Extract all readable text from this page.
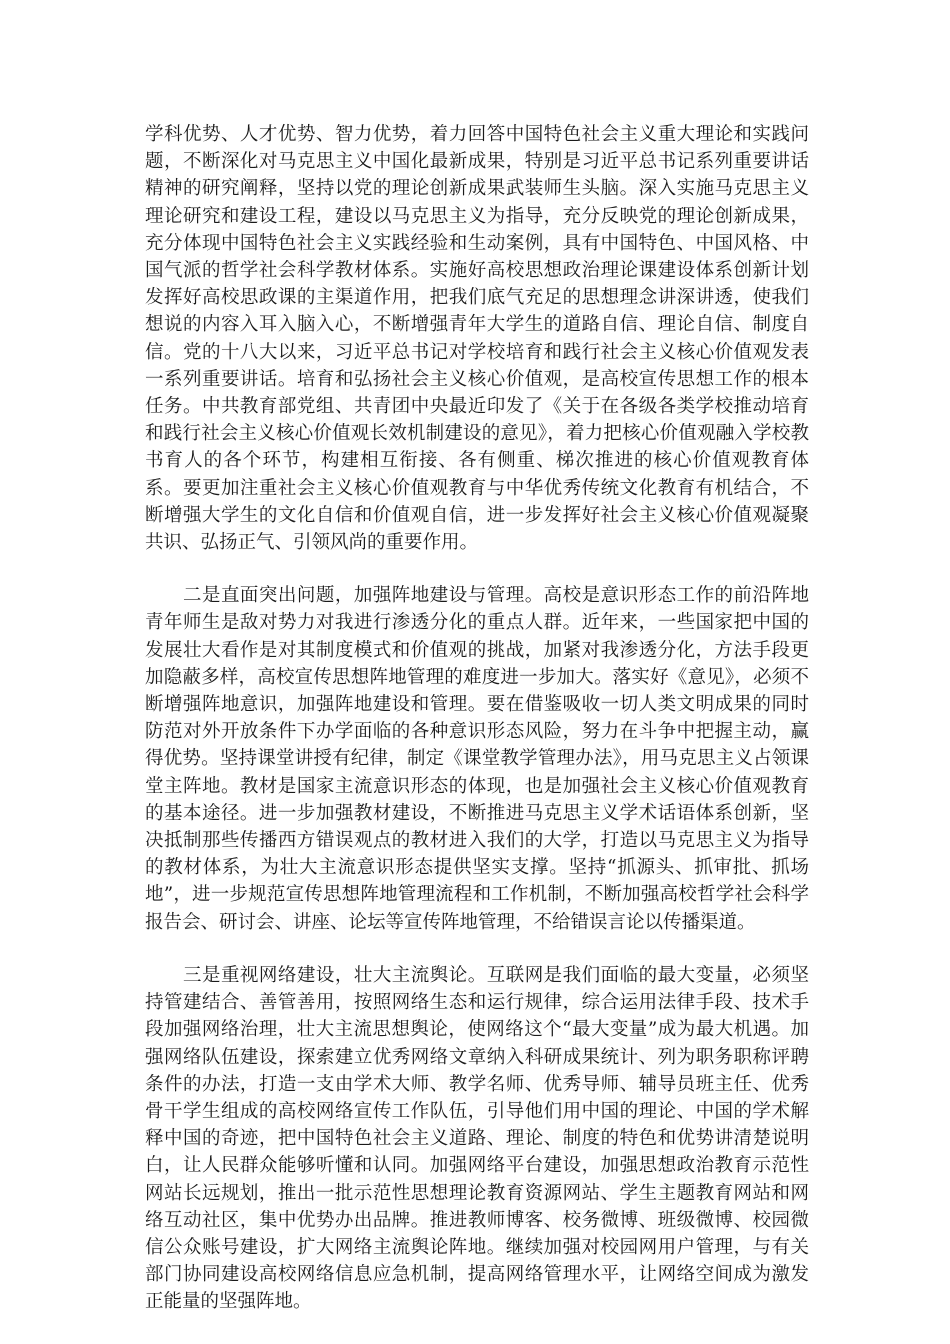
学科优势、人才优势、智力优势，着力回答中国特色社会主义重大理论和实践问题，不断深化对马克思主义中国化最新成果，特别是习近平总书记系列重要讲话精神的研究阐释，坚持以党的理论创新成果武装师生头脑。深入实施马克思主义理论研究和建设工程，建设以马克思主义为指导，充分反映党的理论创新成果，充分体现中国特色社会主义实践经验和生动案例，具有中国特色、中国风格、中国气派的哲学社会科学教材体系。实施好高校思想政治理论课建设体系创新计划发挥好高校思政课的主渠道作用，把我们底气充足的思想理念讲深讲透，使我们想说的内容入耳入脑入心，不断增强青年大学生的道路自信、理论自信、制度自信。党的十八大以来，习近平总书记对学校培育和践行社会主义核心价值观发表一系列重要讲话。培育和弘扬社会主义核心价值观，是高校宣传思想工作的根本任务。中共教育部党组、共青团中央最近印发了《关于在各级各类学校推动培育和践行社会主义核心价值观长效机制建设的意见》，着力把核心价值观融入学校教书育人的各个环节，构建相互衔接、各有侧重、梯次推进的核心价值观教育体系。要更加注重社会主义核心价值观教育与中华优秀传统文化教育有机结合，不断增强大学生的文化自信和价值观自信，进一步发挥好社会主义核心价值观凝聚共识、弘扬正气、引领风尚的重要作用。

　　二是直面突出问题，加强阵地建设与管理。高校是意识形态工作的前沿阵地青年师生是敌对势力对我进行渗透分化的重点人群。近年来，一些国家把中国的发展壮大看作是对其制度模式和价值观的挑战，加紧对我渗透分化，方法手段更加隐蔽多样，高校宣传思想阵地管理的难度进一步加大。落实好《意见》，必须不断增强阵地意识，加强阵地建设和管理。要在借鉴吸收一切人类文明成果的同时防范对外开放条件下办学面临的各种意识形态风险，努力在斗争中把握主动，赢得优势。坚持课堂讲授有纪律，制定《课堂教学管理办法》，用马克思主义占领课堂主阵地。教材是国家主流意识形态的体现，也是加强社会主义核心价值观教育的基本途径。进一步加强教材建设，不断推进马克思主义学术话语体系创新，坚决抵制那些传播西方错误观点的教材进入我们的大学，打造以马克思主义为指导的教材体系，为壮大主流意识形态提供坚实支撑。坚持“抓源头、抓审批、抓场地”，进一步规范宣传思想阵地管理流程和工作机制，不断加强高校哲学社会科学报告会、研讨会、讲座、论坛等宣传阵地管理，不给错误言论以传播渠道。

　　三是重视网络建设，壮大主流舆论。互联网是我们面临的最大变量，必须坚持管建结合、善管善用，按照网络生态和运行规律，综合运用法律手段、技术手段加强网络治理，壮大主流思想舆论，使网络这个“最大变量”成为最大机遇。加强网络队伍建设，探索建立优秀网络文章纳入科研成果统计、列为职务职称评聘条件的办法，打造一支由学术大师、教学名师、优秀导师、辅导员班主任、优秀骨干学生组成的高校网络宣传工作队伍，引导他们用中国的理论、中国的学术解释中国的奇迹，把中国特色社会主义道路、理论、制度的特色和优势讲清楚说明白，让人民群众能够听懂和认同。加强网络平台建设，加强思想政治教育示范性网站长远规划，推出一批示范性思想理论教育资源网站、学生主题教育网站和网络互动社区，集中优势办出品牌。推进教师博客、校务微博、班级微博、校园微信公众账号建设，扩大网络主流舆论阵地。继续加强对校园网用户管理，与有关部门协同建设高校网络信息应急机制，提高网络管理水平，让网络空间成为激发正能量的坚强阵地。
